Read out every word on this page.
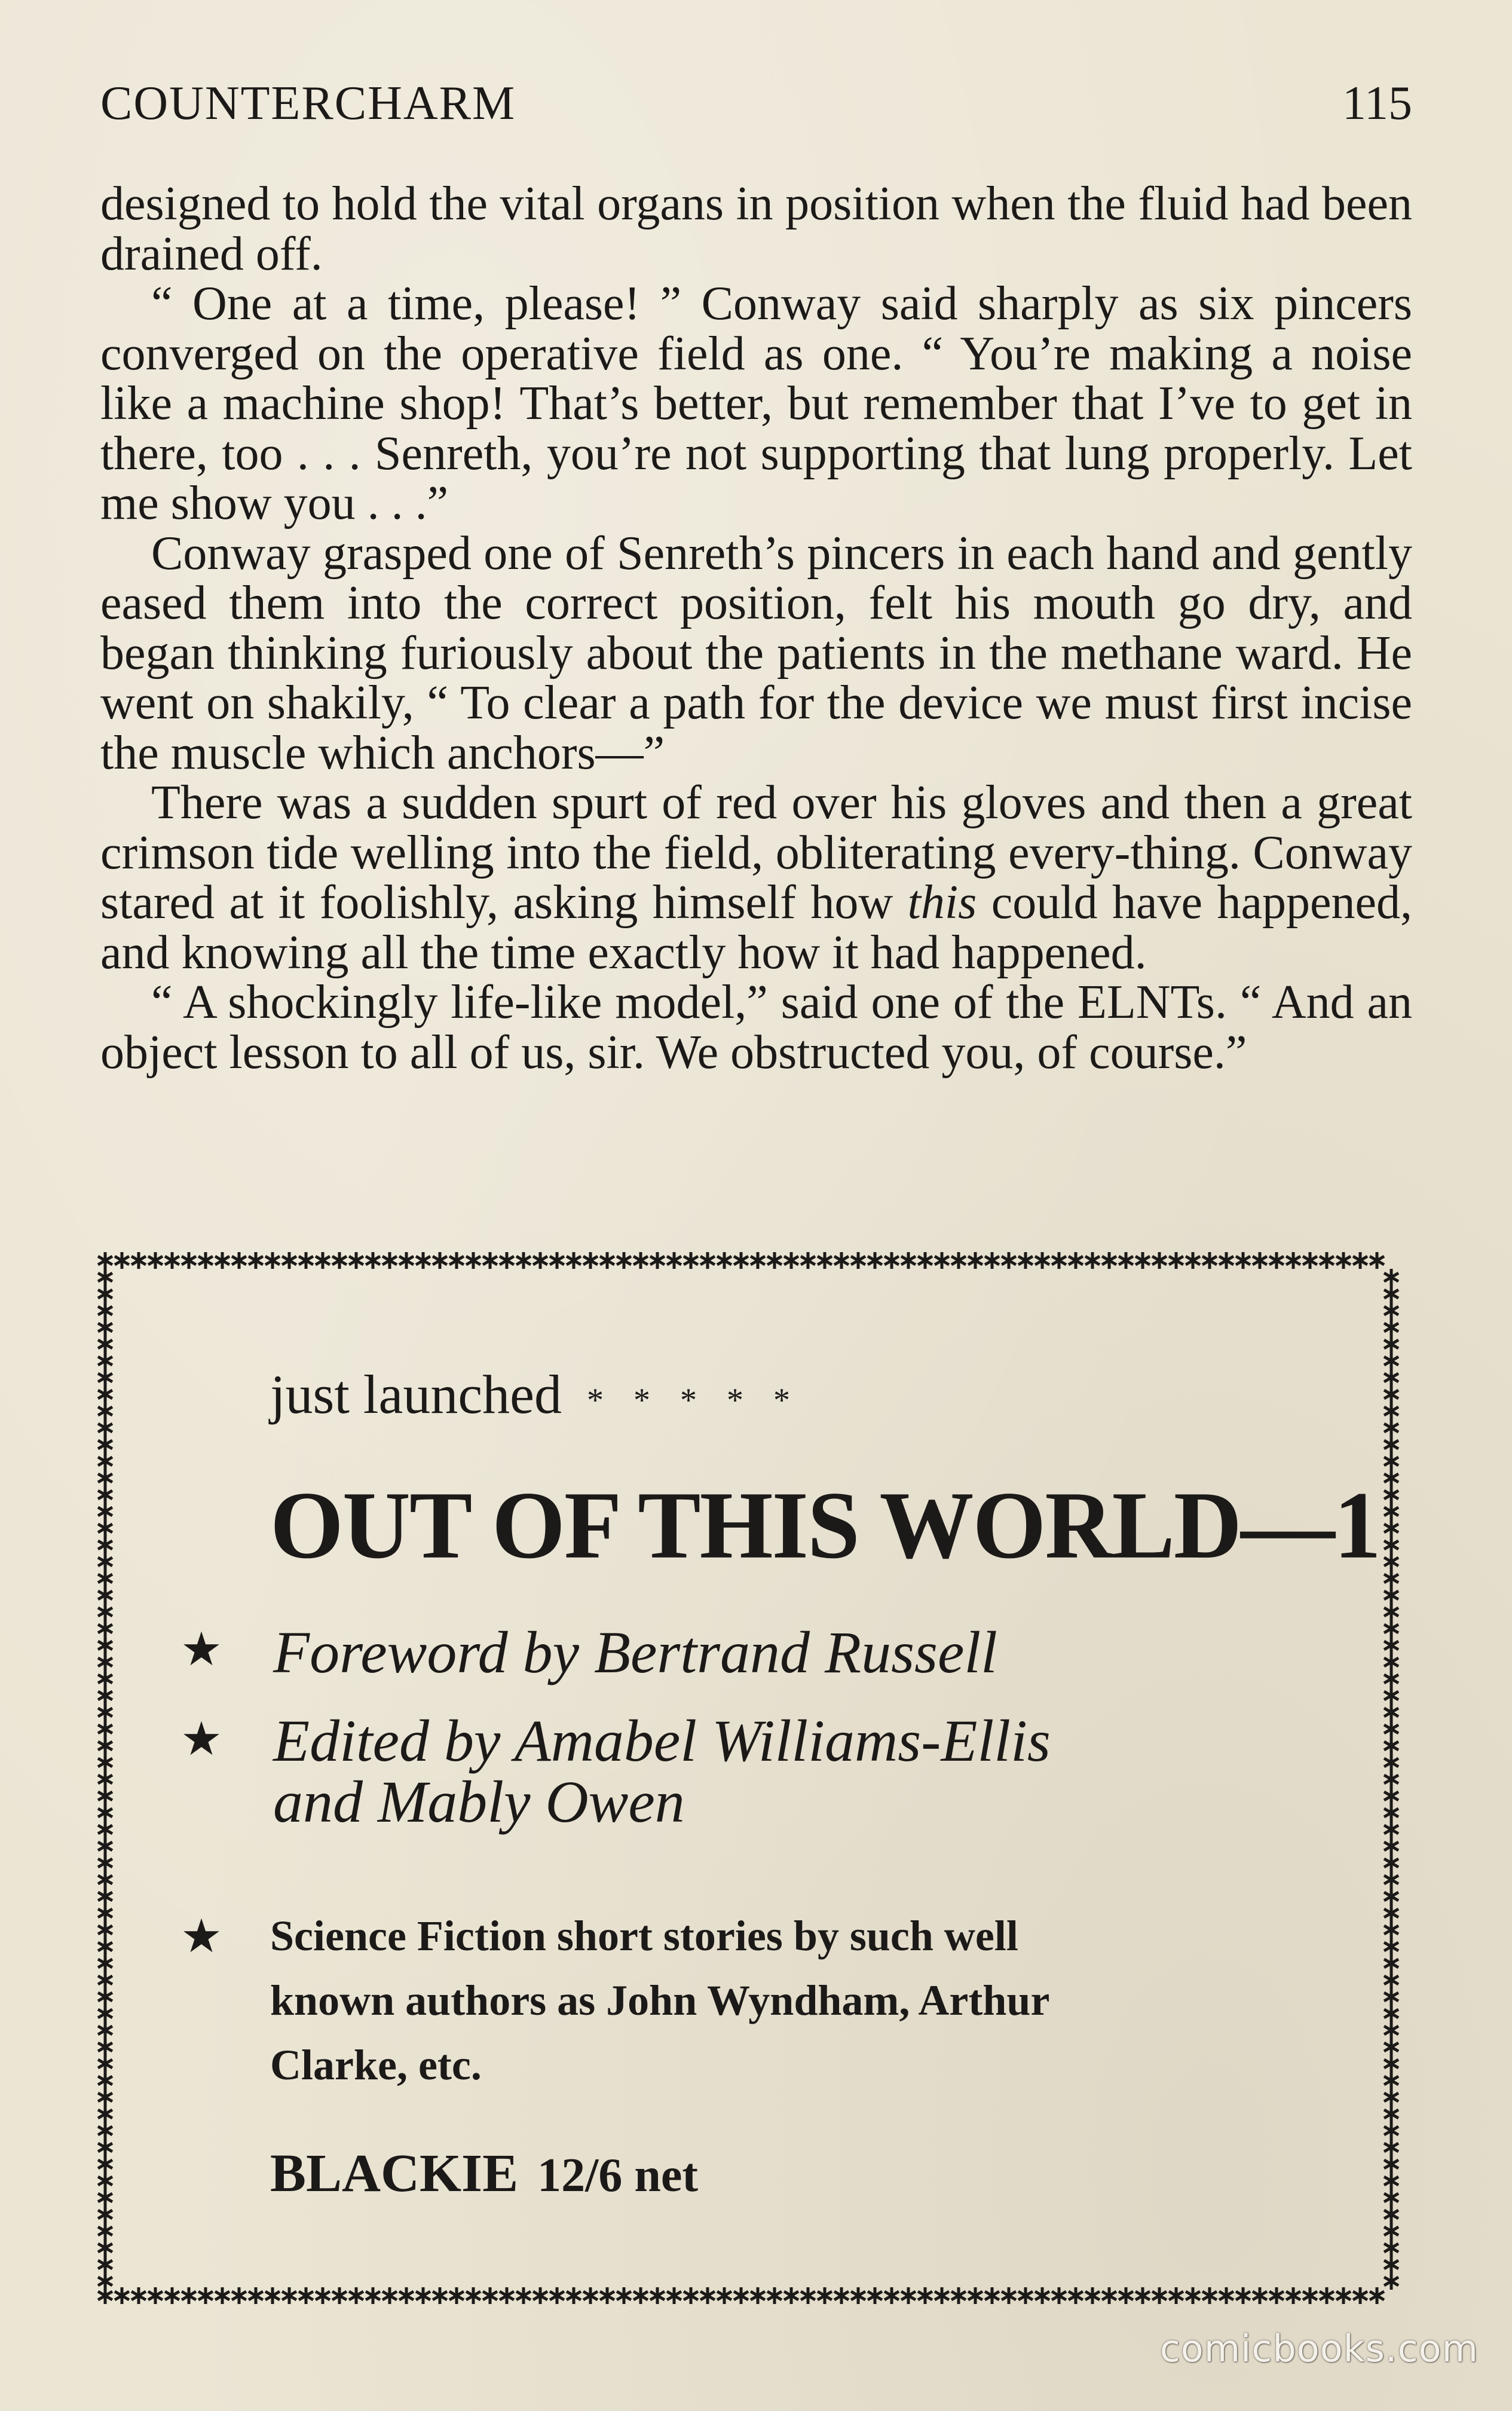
COUNTERCHARM	115

designed to hold the vital organs in position when the fluid had been drained off.

“ One at a time, please! ” Conway said sharply as six pincers converged on the operative field as one. “ You’re making a noise like a machine shop! That’s better, but remember that I’ve to get in there, too . . . Senreth, you’re not supporting that lung properly. Let me show you . . .”

Conway grasped one of Senreth’s pincers in each hand and gently eased them into the correct position, felt his mouth go dry, and began thinking furiously about the patients in the methane ward. He went on shakily, “ To clear a path for the device we must first incise the muscle which anchors—”

There was a sudden spurt of red over his gloves and then a great crimson tide welling into the field, obliterating every-thing. Conway stared at it foolishly, asking himself how this could have happened, and knowing all the time exactly how it had happened.

“ A shockingly life-like model,” said one of the ELNTs. “ And an object lesson to all of us, sir. We obstructed you, of course.”

just launched * * * * *
OUT OF THIS WORLD—1
★ Foreword by Bertrand Russell
★ Edited by Amabel Williams-Ellis
and Mably Owen
★ Science Fiction short stories by such well
known authors as John Wyndham, Arthur
Clarke, etc.
BLACKIE 12/6 net
comicbooks.com
